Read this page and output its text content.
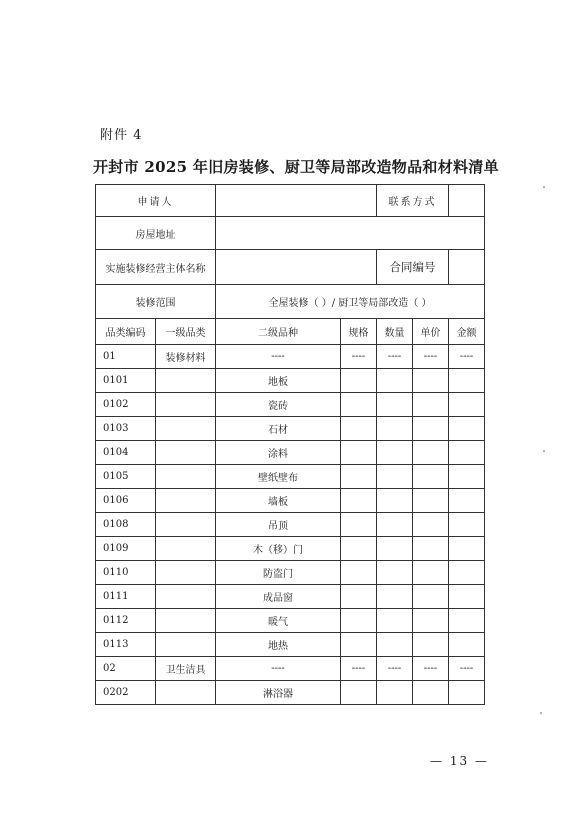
附件 4
开封市 2025 年旧房装修、厨卫等局部改造物品和材料清单
申请人				联系方式		
房屋地址						
实施装修经营主体名称				合同编号		
装修范围		全屋装修（ ）/ 厨卫等局部改造（ ）				
品类编码	一级品类	二级品种	规格	数量	单价	金额
01	装修材料	----	----	----	----	----
0101		地板				
0102		瓷砖				
0103		石材				
0104		涂料				
0105		壁纸壁布				
0106		墙板				
0108		吊顶				
0109		木（移）门				
0110		防盗门				
0111		成品窗				
0112		暖气				
0113		地热				
02	卫生洁具	----	----	----	----	----
0202		淋浴器				
— 13 —
